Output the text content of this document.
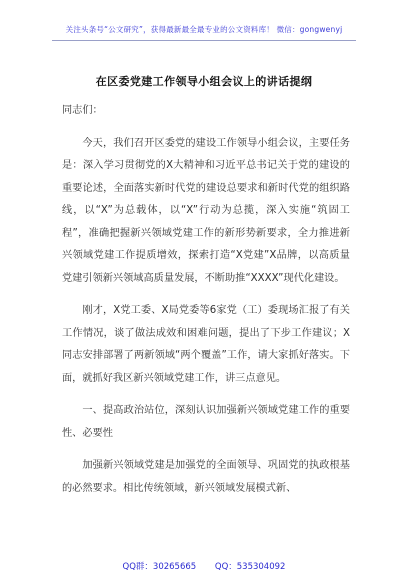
关注头条号“公文研究”，获得最新最全最专业的公文资料库！ 微信：gongwenyj
在区委党建工作领导小组会议上的讲话提纲

同志们：

今天，我们召开区委党的建设工作领导小组会议，主要任务是：深入学习贯彻党的X大精神和习近平总书记关于党的建设的重要论述，全面落实新时代党的建设总要求和新时代党的组织路线，以“X”为总载体，以“X”行动为总揽，深入实施“筑固工程”，准确把握新兴领域党建工作的新形势新要求，全力推进新兴领域党建工作提质增效，探索打造“X党建”X品牌，以高质量党建引领新兴领域高质量发展，不断助推“XXXX”现代化建设。

刚才，X党工委、X局党委等6家党（工）委现场汇报了有关工作情况，谈了做法成效和困难问题，提出了下步工作建议；X同志安排部署了两新领域“两个覆盖”工作，请大家抓好落实。下面，就抓好我区新兴领域党建工作，讲三点意见。

一、提高政治站位，深刻认识加强新兴领域党建工作的重要性、必要性

加强新兴领域党建是加强党的全面领导、巩固党的执政根基的必然要求。相比传统领域，新兴领域发展模式新、

QQ群：30265665 QQ：535304092
